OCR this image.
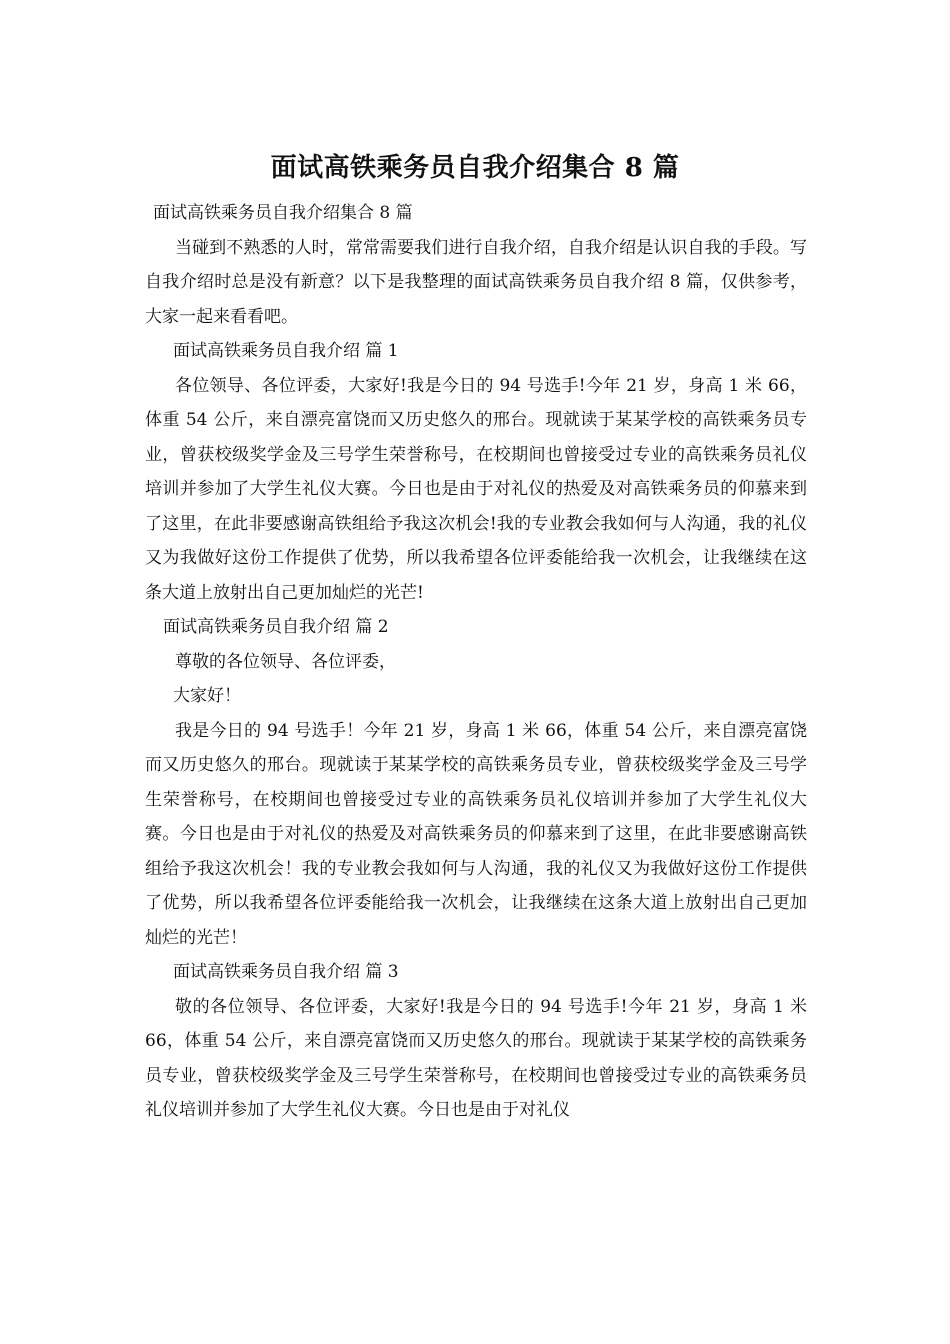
面试高铁乘务员自我介绍集合 8 篇

面试高铁乘务员自我介绍集合 8 篇

当碰到不熟悉的人时，常常需要我们进行自我介绍，自我介绍是认识自我的手段。写自我介绍时总是没有新意？以下是我整理的面试高铁乘务员自我介绍 8 篇，仅供参考，大家一起来看看吧。

面试高铁乘务员自我介绍 篇 1

各位领导、各位评委，大家好!我是今日的 94 号选手!今年 21 岁，身高 1 米 66，体重 54 公斤，来自漂亮富饶而又历史悠久的邢台。现就读于某某学校的高铁乘务员专业，曾获校级奖学金及三号学生荣誉称号，在校期间也曾接受过专业的高铁乘务员礼仪培训并参加了大学生礼仪大赛。今日也是由于对礼仪的热爱及对高铁乘务员的仰慕来到了这里，在此非要感谢高铁组给予我这次机会!我的专业教会我如何与人沟通，我的礼仪又为我做好这份工作提供了优势，所以我希望各位评委能给我一次机会，让我继续在这条大道上放射出自己更加灿烂的光芒!

面试高铁乘务员自我介绍 篇 2

尊敬的各位领导、各位评委，

大家好！

我是今日的 94 号选手！今年 21 岁，身高 1 米 66，体重 54 公斤，来自漂亮富饶而又历史悠久的邢台。现就读于某某学校的高铁乘务员专业，曾获校级奖学金及三号学生荣誉称号，在校期间也曾接受过专业的高铁乘务员礼仪培训并参加了大学生礼仪大赛。今日也是由于对礼仪的热爱及对高铁乘务员的仰慕来到了这里，在此非要感谢高铁组给予我这次机会！我的专业教会我如何与人沟通，我的礼仪又为我做好这份工作提供了优势，所以我希望各位评委能给我一次机会，让我继续在这条大道上放射出自己更加灿烂的光芒！

面试高铁乘务员自我介绍 篇 3

敬的各位领导、各位评委，大家好!我是今日的 94 号选手!今年 21 岁，身高 1 米 66，体重 54 公斤，来自漂亮富饶而又历史悠久的邢台。现就读于某某学校的高铁乘务员专业，曾获校级奖学金及三号学生荣誉称号，在校期间也曾接受过专业的高铁乘务员礼仪培训并参加了大学生礼仪大赛。今日也是由于对礼仪
